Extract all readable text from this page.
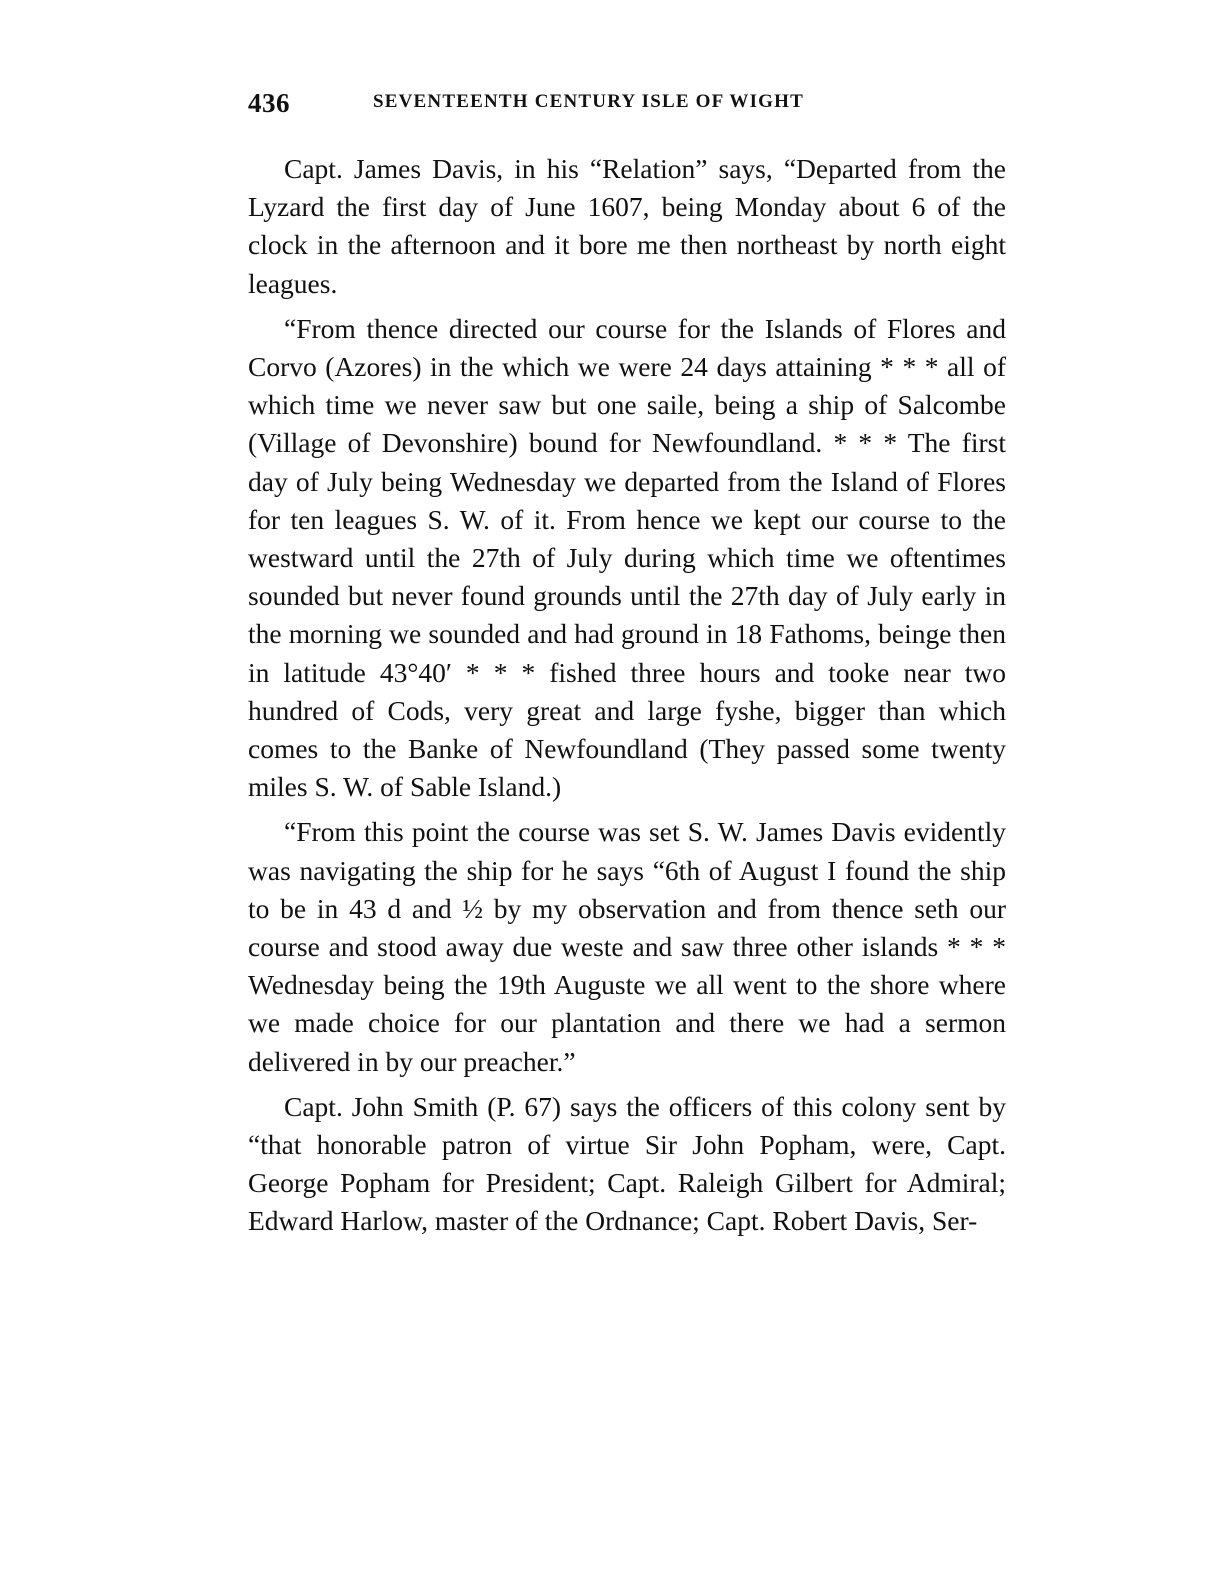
436	SEVENTEENTH CENTURY ISLE OF WIGHT

Capt. James Davis, in his “Relation” says, “Departed from the Lyzard the first day of June 1607, being Monday about 6 of the clock in the afternoon and it bore me then northeast by north eight leagues.

“From thence directed our course for the Islands of Flores and Corvo (Azores) in the which we were 24 days attaining * * * all of which time we never saw but one saile, being a ship of Salcombe (Village of Devonshire) bound for Newfoundland. * * * The first day of July being Wednesday we departed from the Island of Flores for ten leagues S. W. of it. From hence we kept our course to the westward until the 27th of July during which time we oftentimes sounded but never found grounds until the 27th day of July early in the morning we sounded and had ground in 18 Fathoms, beinge then in latitude 43°40′ * * * fished three hours and tooke near two hundred of Cods, very great and large fyshe, bigger than which comes to the Banke of Newfoundland (They passed some twenty miles S. W. of Sable Island.)

“From this point the course was set S. W. James Davis evidently was navigating the ship for he says “6th of August I found the ship to be in 43 d and ½ by my observation and from thence seth our course and stood away due weste and saw three other islands * * * Wednesday being the 19th Auguste we all went to the shore where we made choice for our plantation and there we had a sermon delivered in by our preacher.”

Capt. John Smith (P. 67) says the officers of this colony sent by “that honorable patron of virtue Sir John Popham, were, Capt. George Popham for President; Capt. Raleigh Gilbert for Admiral; Edward Harlow, master of the Ordnance; Capt. Robert Davis, Ser-
